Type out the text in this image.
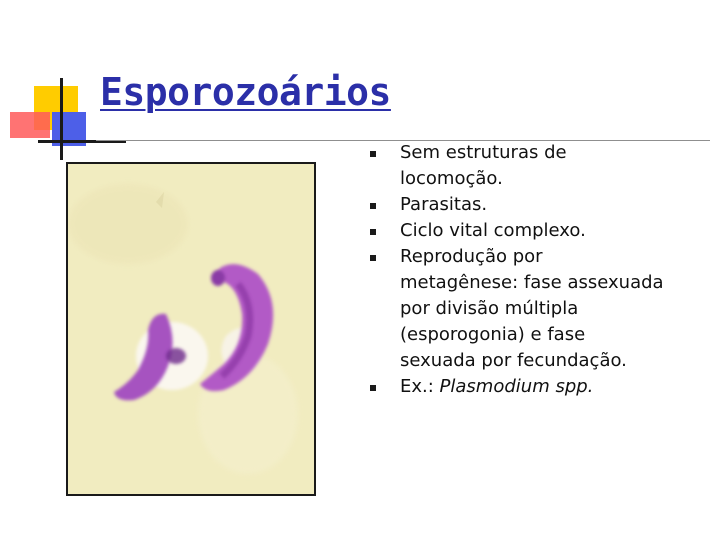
Esporozoários
Sem estruturas de locomoção.
Parasitas.
Ciclo vital complexo.
Reprodução por metagênese: fase assexuada por divisão múltipla (esporogonia) e fase sexuada por fecundação.
Ex.: Plasmodium spp.
